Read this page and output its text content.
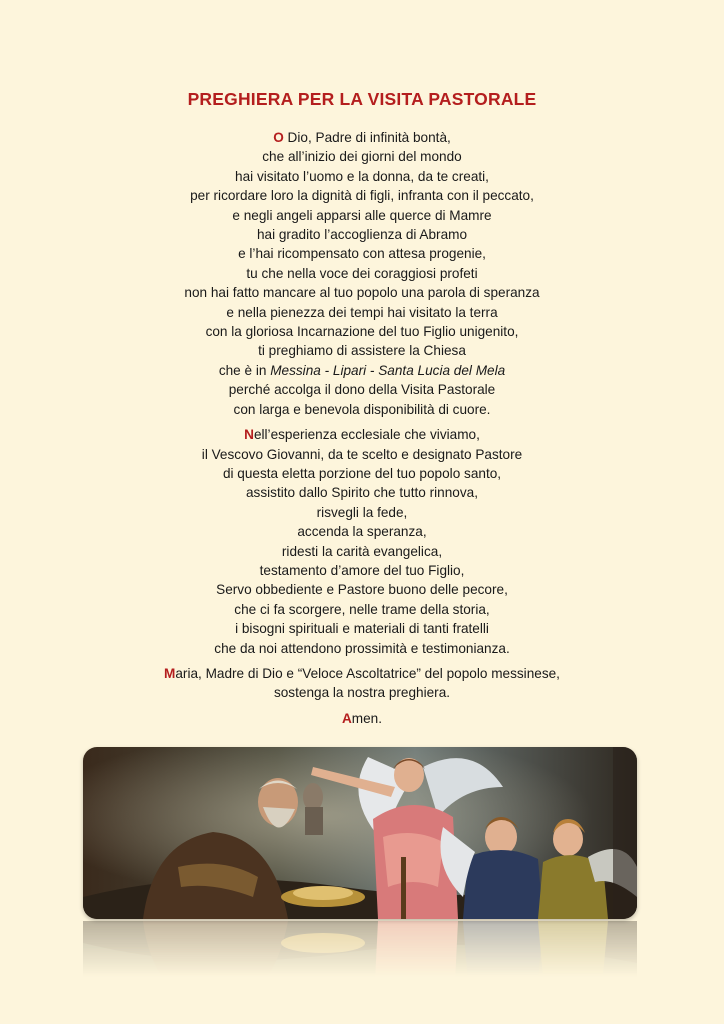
PREGHIERA PER LA VISITA PASTORALE
O Dio, Padre di infinità bontà,
che all’inizio dei giorni del mondo
hai visitato l’uomo e la donna, da te creati,
per ricordare loro la dignità di figli, infranta con il peccato,
e negli angeli apparsi alle querce di Mamre
hai gradito l’accoglienza di Abramo
e l’hai ricompensato con attesa progenie,
tu che nella voce dei coraggiosi profeti
non hai fatto mancare al tuo popolo una parola di speranza
e nella pienezza dei tempi hai visitato la terra
con la gloriosa Incarnazione del tuo Figlio unigenito,
ti preghiamo di assistere la Chiesa
che è in Messina - Lipari - Santa Lucia del Mela
perché accolga il dono della Visita Pastorale
con larga e benevola disponibilità di cuore.
Nell’esperienza ecclesiale che viviamo,
il Vescovo Giovanni, da te scelto e designato Pastore
di questa eletta porzione del tuo popolo santo,
assistito dallo Spirito che tutto rinnova,
risvegli la fede,
accenda la speranza,
ridesti la carità evangelica,
testamento d’amore del tuo Figlio,
Servo obbediente e Pastore buono delle pecore,
che ci fa scorgere, nelle trame della storia,
i bisogni spirituali e materiali di tanti fratelli
che da noi attendono prossimità e testimonianza.
Maria, Madre di Dio e “Veloce Ascoltatrice” del popolo messinese,
sostenga la nostra preghiera.
Amen.
